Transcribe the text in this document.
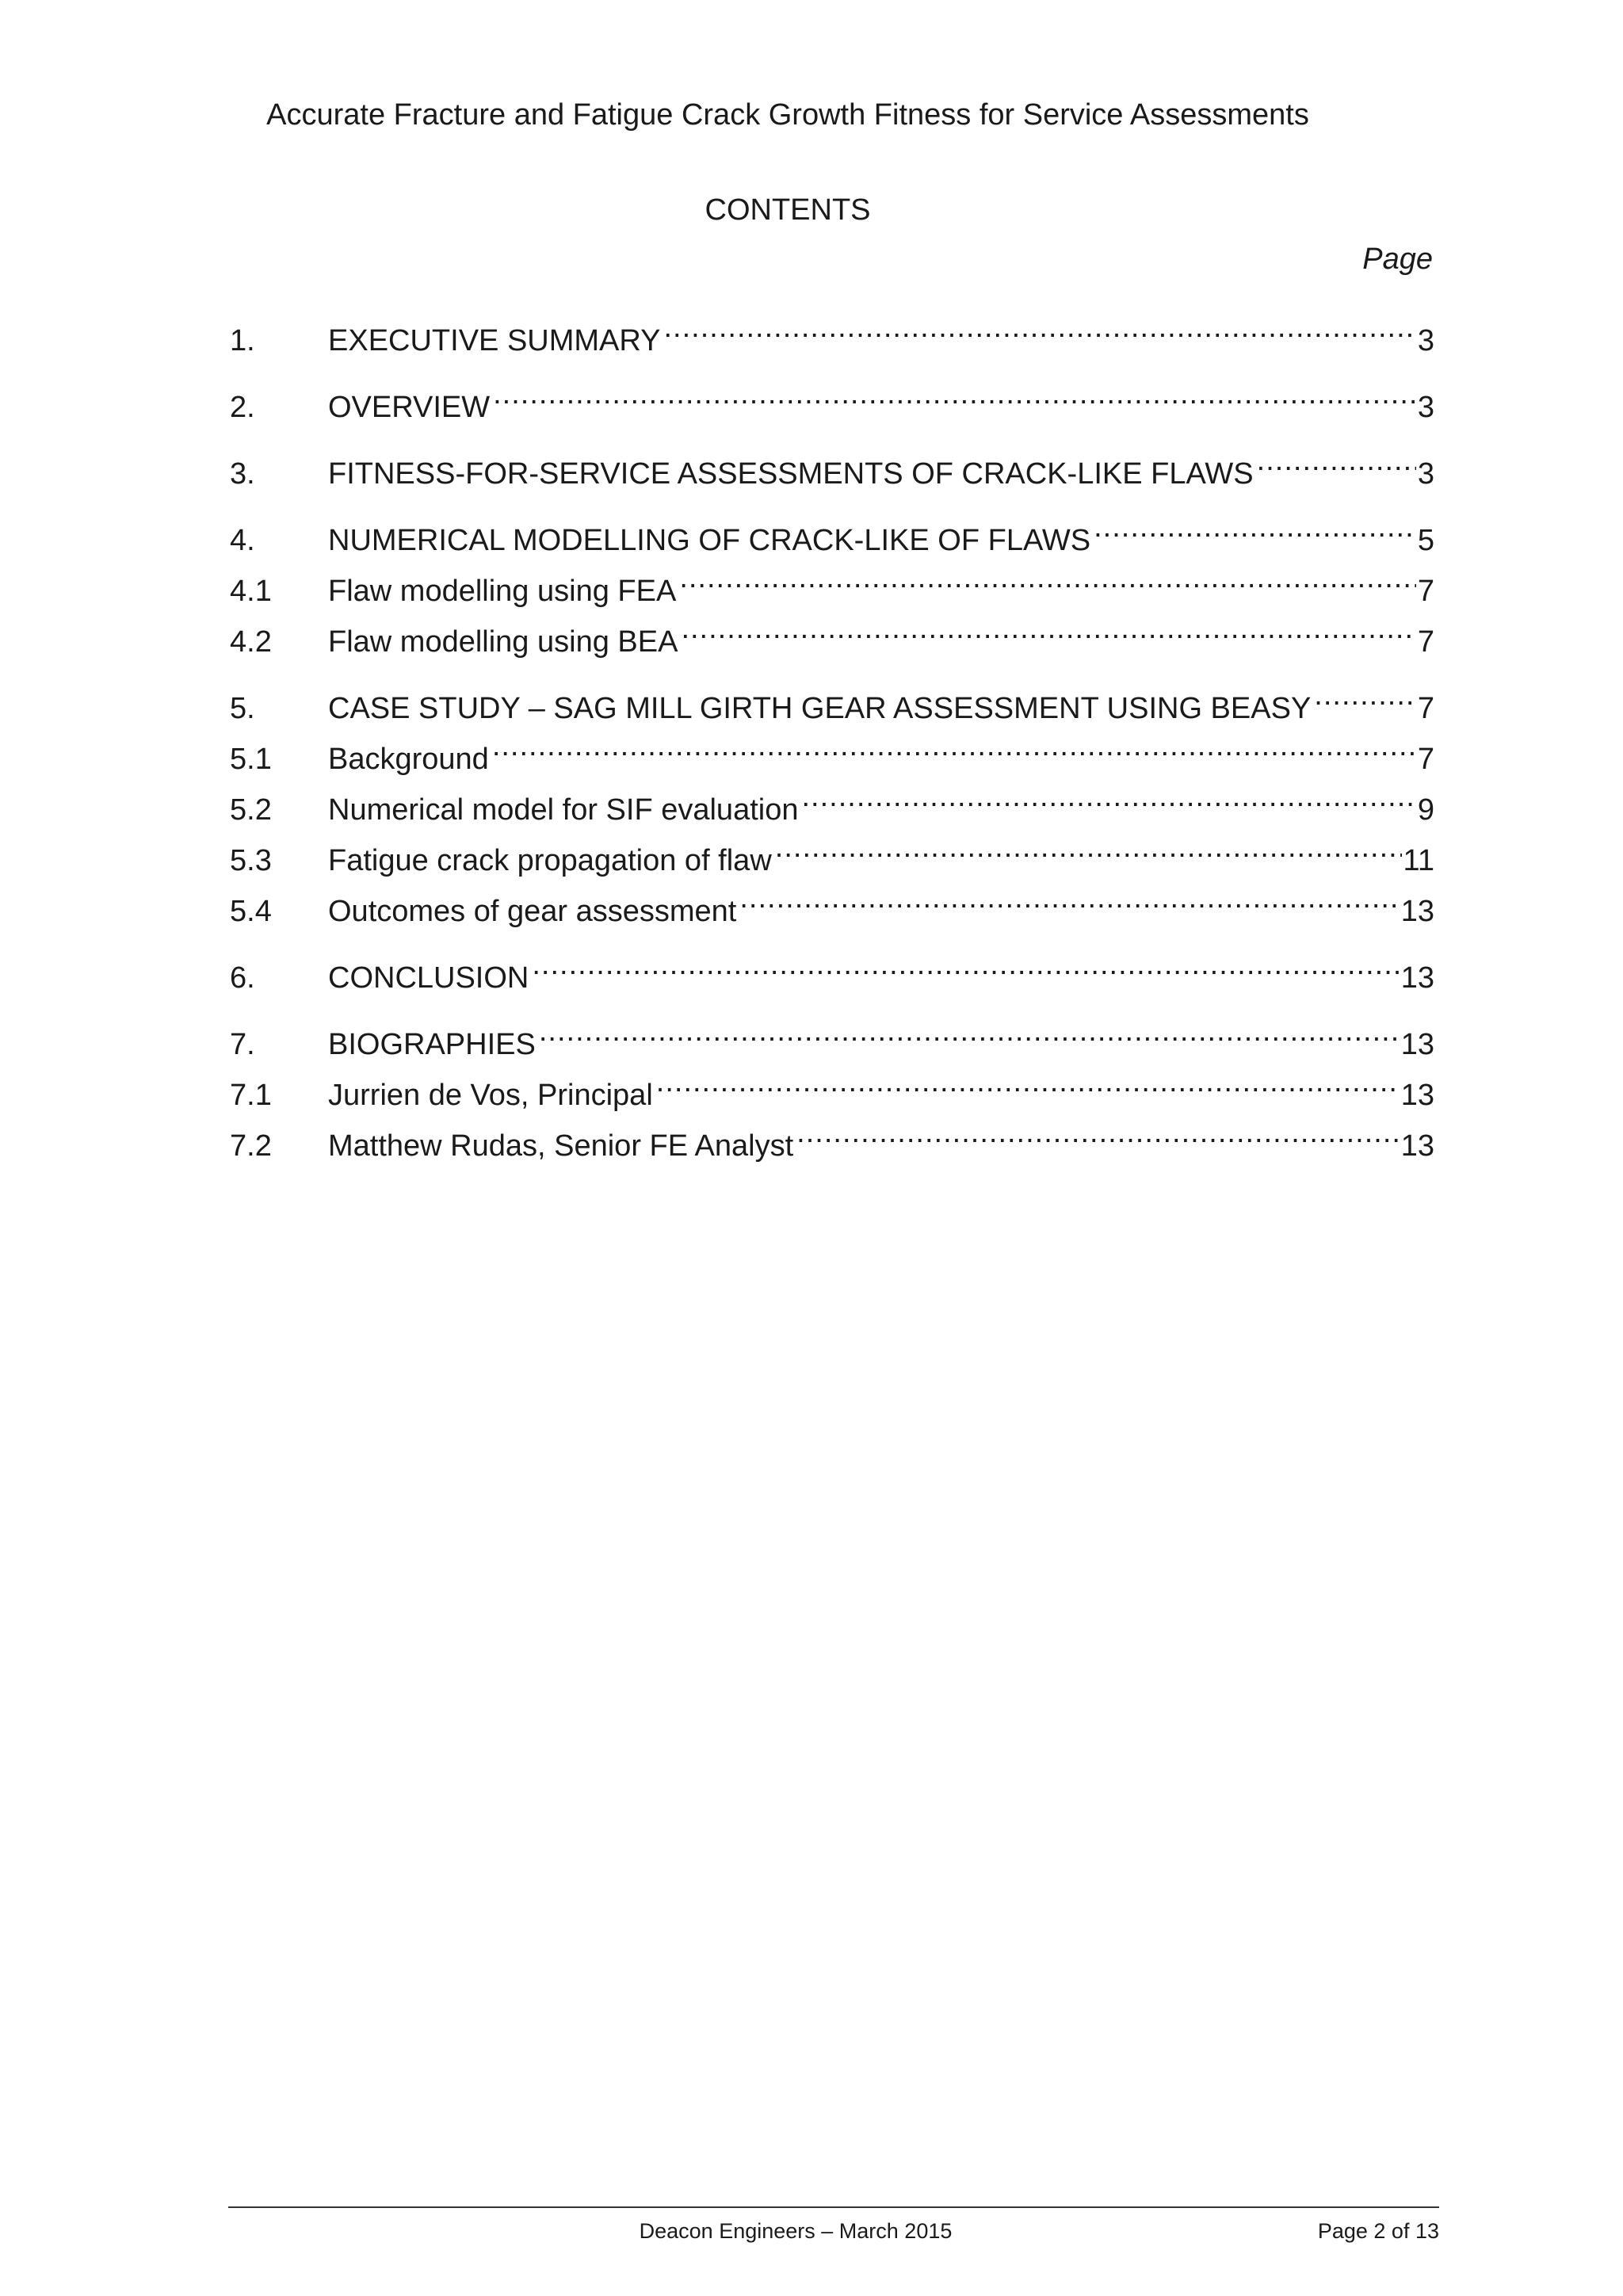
Accurate Fracture and Fatigue Crack Growth Fitness for Service Assessments
CONTENTS
Page
1.	EXECUTIVE SUMMARY .....	3
2.	OVERVIEW .....	3
3.	FITNESS-FOR-SERVICE ASSESSMENTS OF CRACK-LIKE FLAWS .....	3
4.	NUMERICAL MODELLING OF CRACK-LIKE OF FLAWS .....	5
4.1	Flaw modelling using FEA .....	7
4.2	Flaw modelling using BEA .....	7
5.	CASE STUDY – SAG MILL GIRTH GEAR ASSESSMENT USING BEASY .....	7
5.1	Background .....	7
5.2	Numerical model for SIF evaluation .....	9
5.3	Fatigue crack propagation of flaw .....	11
5.4	Outcomes of gear assessment .....	13
6.	CONCLUSION .....	13
7.	BIOGRAPHIES .....	13
7.1	Jurrien de Vos, Principal .....	13
7.2	Matthew Rudas, Senior FE Analyst .....	13
Deacon Engineers – March 2015	Page 2 of 13
